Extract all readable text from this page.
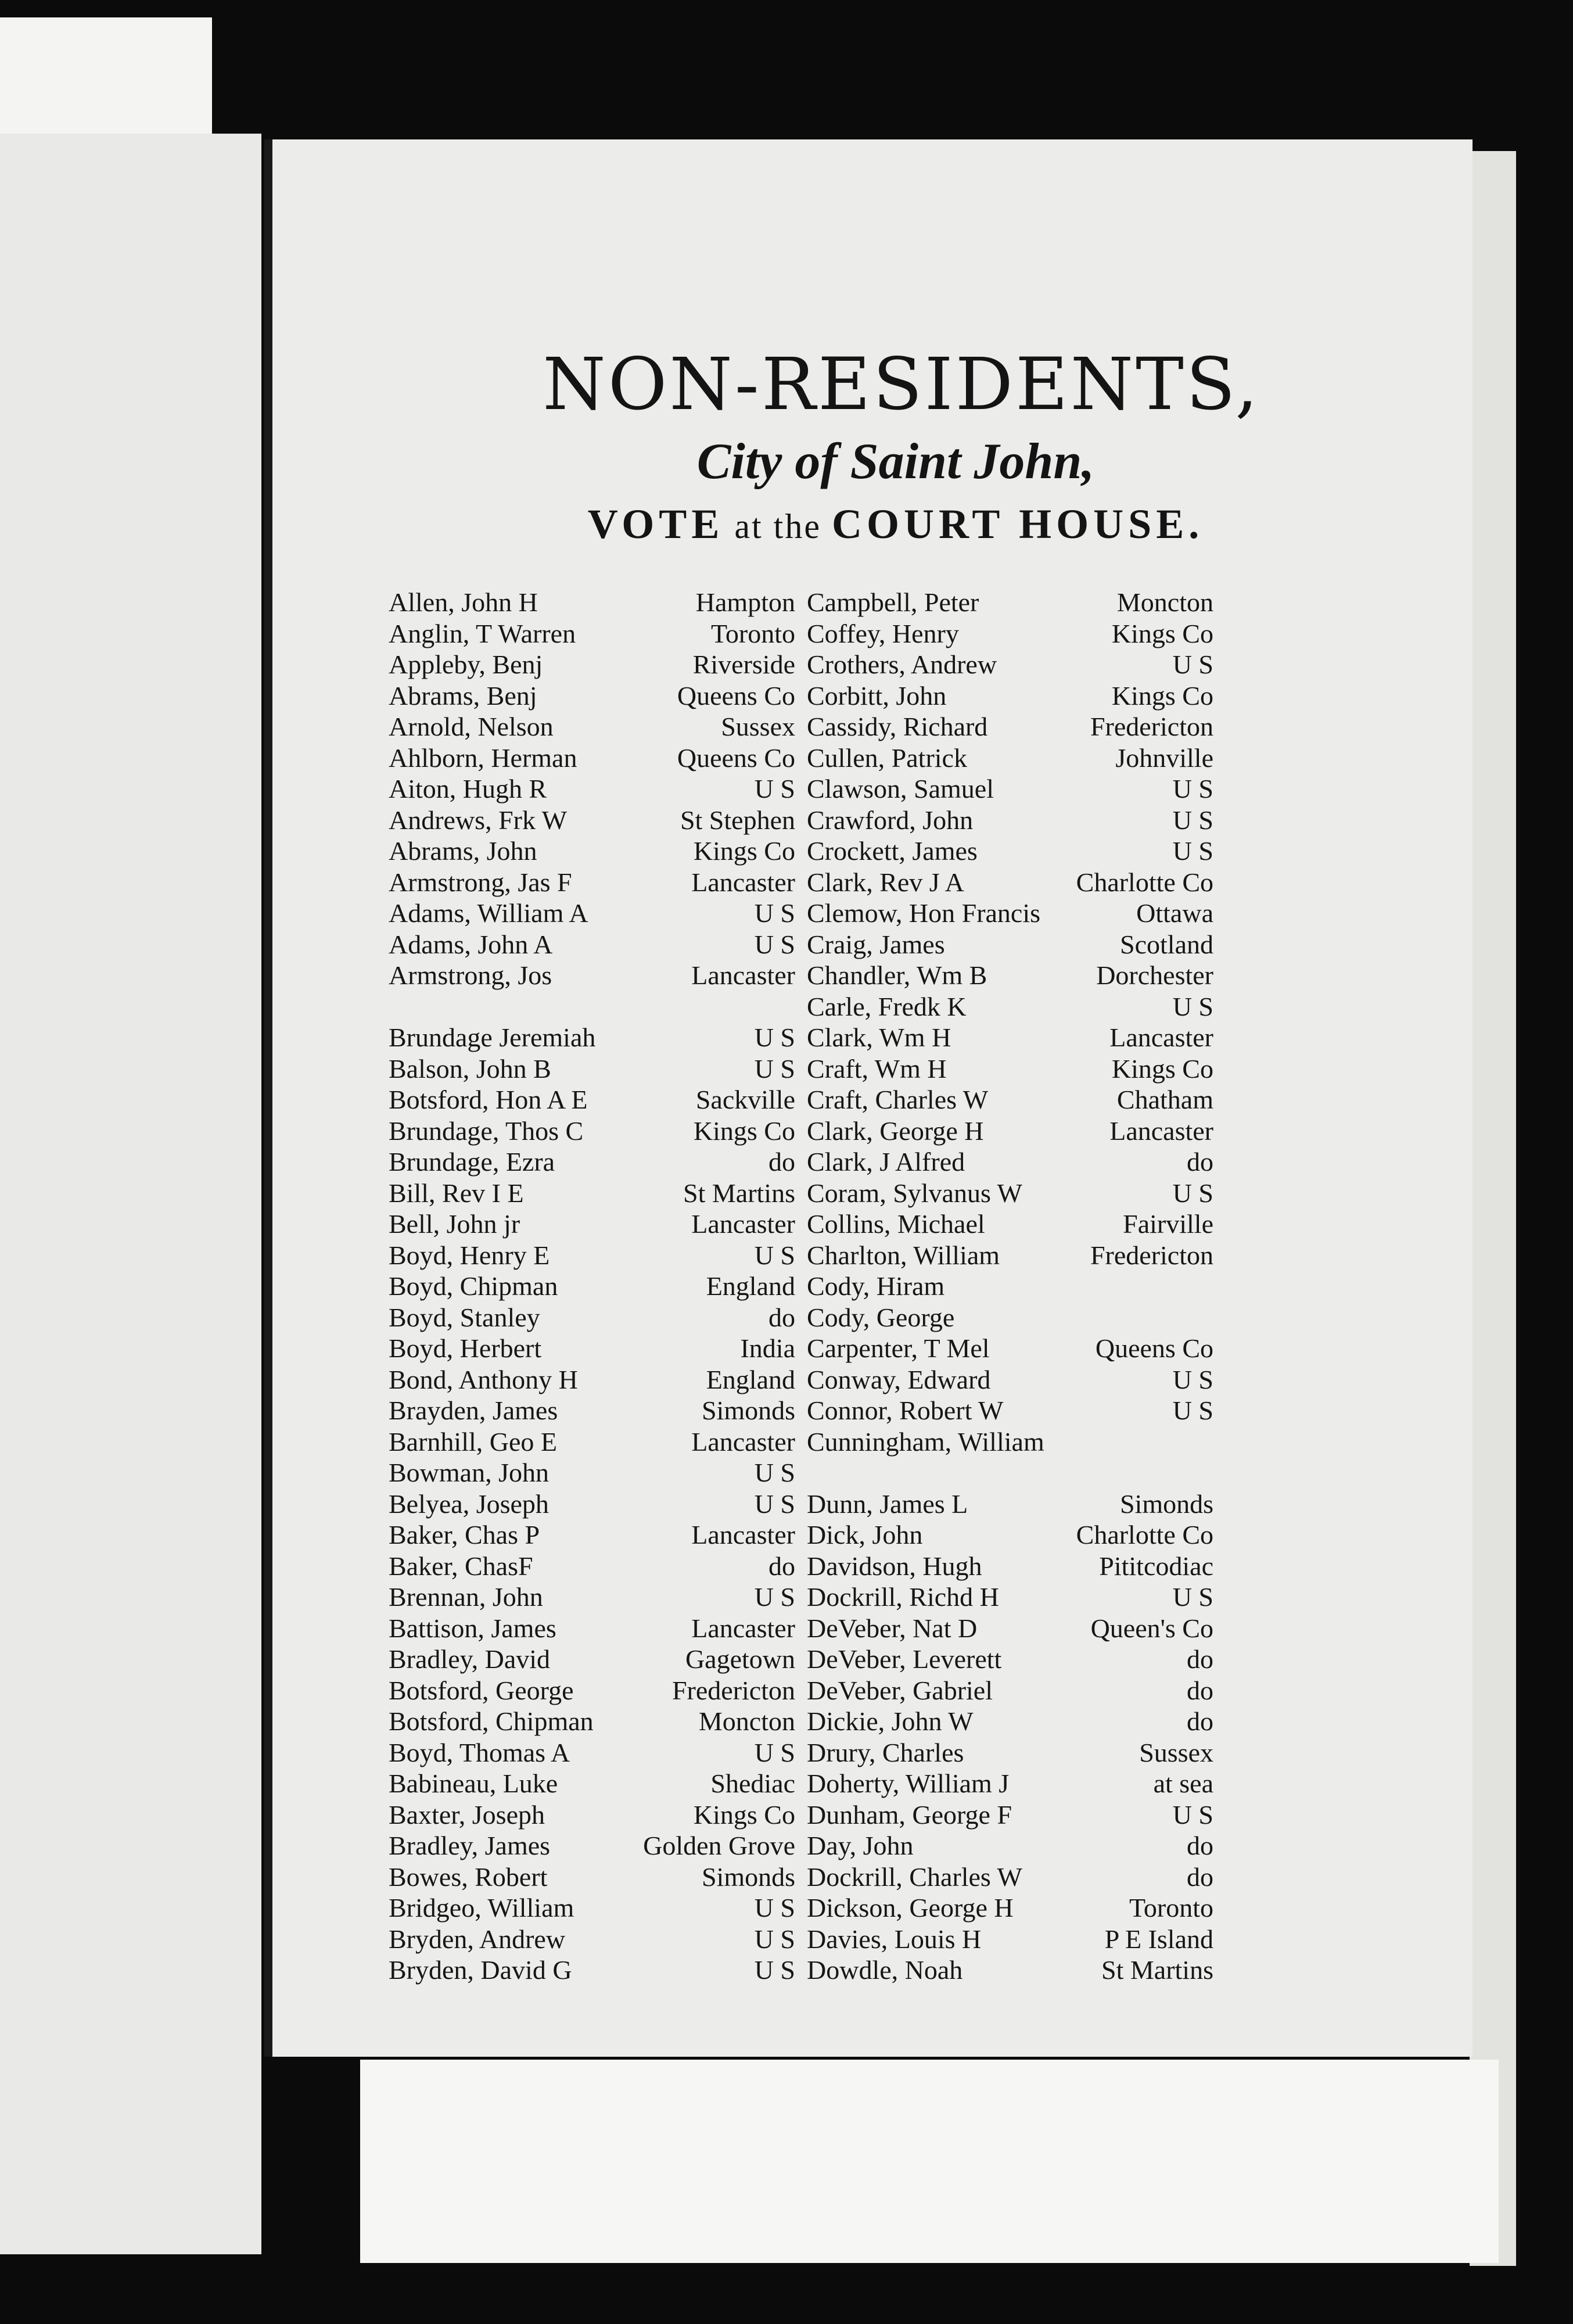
NON-RESIDENTS,
City of Saint John,
VOTE at the COURT HOUSE.
Allen, John H	Hampton
Anglin, T Warren	Toronto
Appleby, Benj	Riverside
Abrams, Benj	Queens Co
Arnold, Nelson	Sussex
Ahlborn, Herman	Queens Co
Aiton, Hugh R	U S
Andrews, Frk W	St Stephen
Abrams, John	Kings Co
Armstrong, Jas F	Lancaster
Adams, William A	U S
Adams, John A	U S
Armstrong, Jos	Lancaster
Brundage Jeremiah	U S
Balson, John B	U S
Botsford, Hon A E	Sackville
Brundage, Thos C	Kings Co
Brundage, Ezra	do
Bill, Rev I E	St Martins
Bell, John jr	Lancaster
Boyd, Henry E	U S
Boyd, Chipman	England
Boyd, Stanley	do
Boyd, Herbert	India
Bond, Anthony H	England
Brayden, James	Simonds
Barnhill, Geo E	Lancaster
Bowman, John	U S
Belyea, Joseph	U S
Baker, Chas P	Lancaster
Baker, ChasF	do
Brennan, John	U S
Battison, James	Lancaster
Bradley, David	Gagetown
Botsford, George	Fredericton
Botsford, Chipman	Moncton
Boyd, Thomas A	U S
Babineau, Luke	Shediac
Baxter, Joseph	Kings Co
Bradley, James	Golden Grove
Bowes, Robert	Simonds
Bridgeo, William	U S
Bryden, Andrew	U S
Bryden, David G	U S
Campbell, Peter	Moncton
Coffey, Henry	Kings Co
Crothers, Andrew	U S
Corbitt, John	Kings Co
Cassidy, Richard	Fredericton
Cullen, Patrick	Johnville
Clawson, Samuel	U S
Crawford, John	U S
Crockett, James	U S
Clark, Rev J A	Charlotte Co
Clemow, Hon Francis	Ottawa
Craig, James	Scotland
Chandler, Wm B	Dorchester
Carle, Fredk K	U S
Clark, Wm H	Lancaster
Craft, Wm H	Kings Co
Craft, Charles W	Chatham
Clark, George H	Lancaster
Clark, J Alfred	do
Coram, Sylvanus W	U S
Collins, Michael	Fairville
Charlton, William	Fredericton
Cody, Hiram
Cody, George
Carpenter, T Mel	Queens Co
Conway, Edward	U S
Connor, Robert W	U S
Cunningham, William
Dunn, James L	Simonds
Dick, John	Charlotte Co
Davidson, Hugh	Pititcodiac
Dockrill, Richd H	U S
DeVeber, Nat D	Queen's Co
DeVeber, Leverett	do
DeVeber, Gabriel	do
Dickie, John W	do
Drury, Charles	Sussex
Doherty, William J	at sea
Dunham, George F	U S
Day, John	do
Dockrill, Charles W	do
Dickson, George H	Toronto
Davies, Louis H	P E Island
Dowdle, Noah	St Martins
